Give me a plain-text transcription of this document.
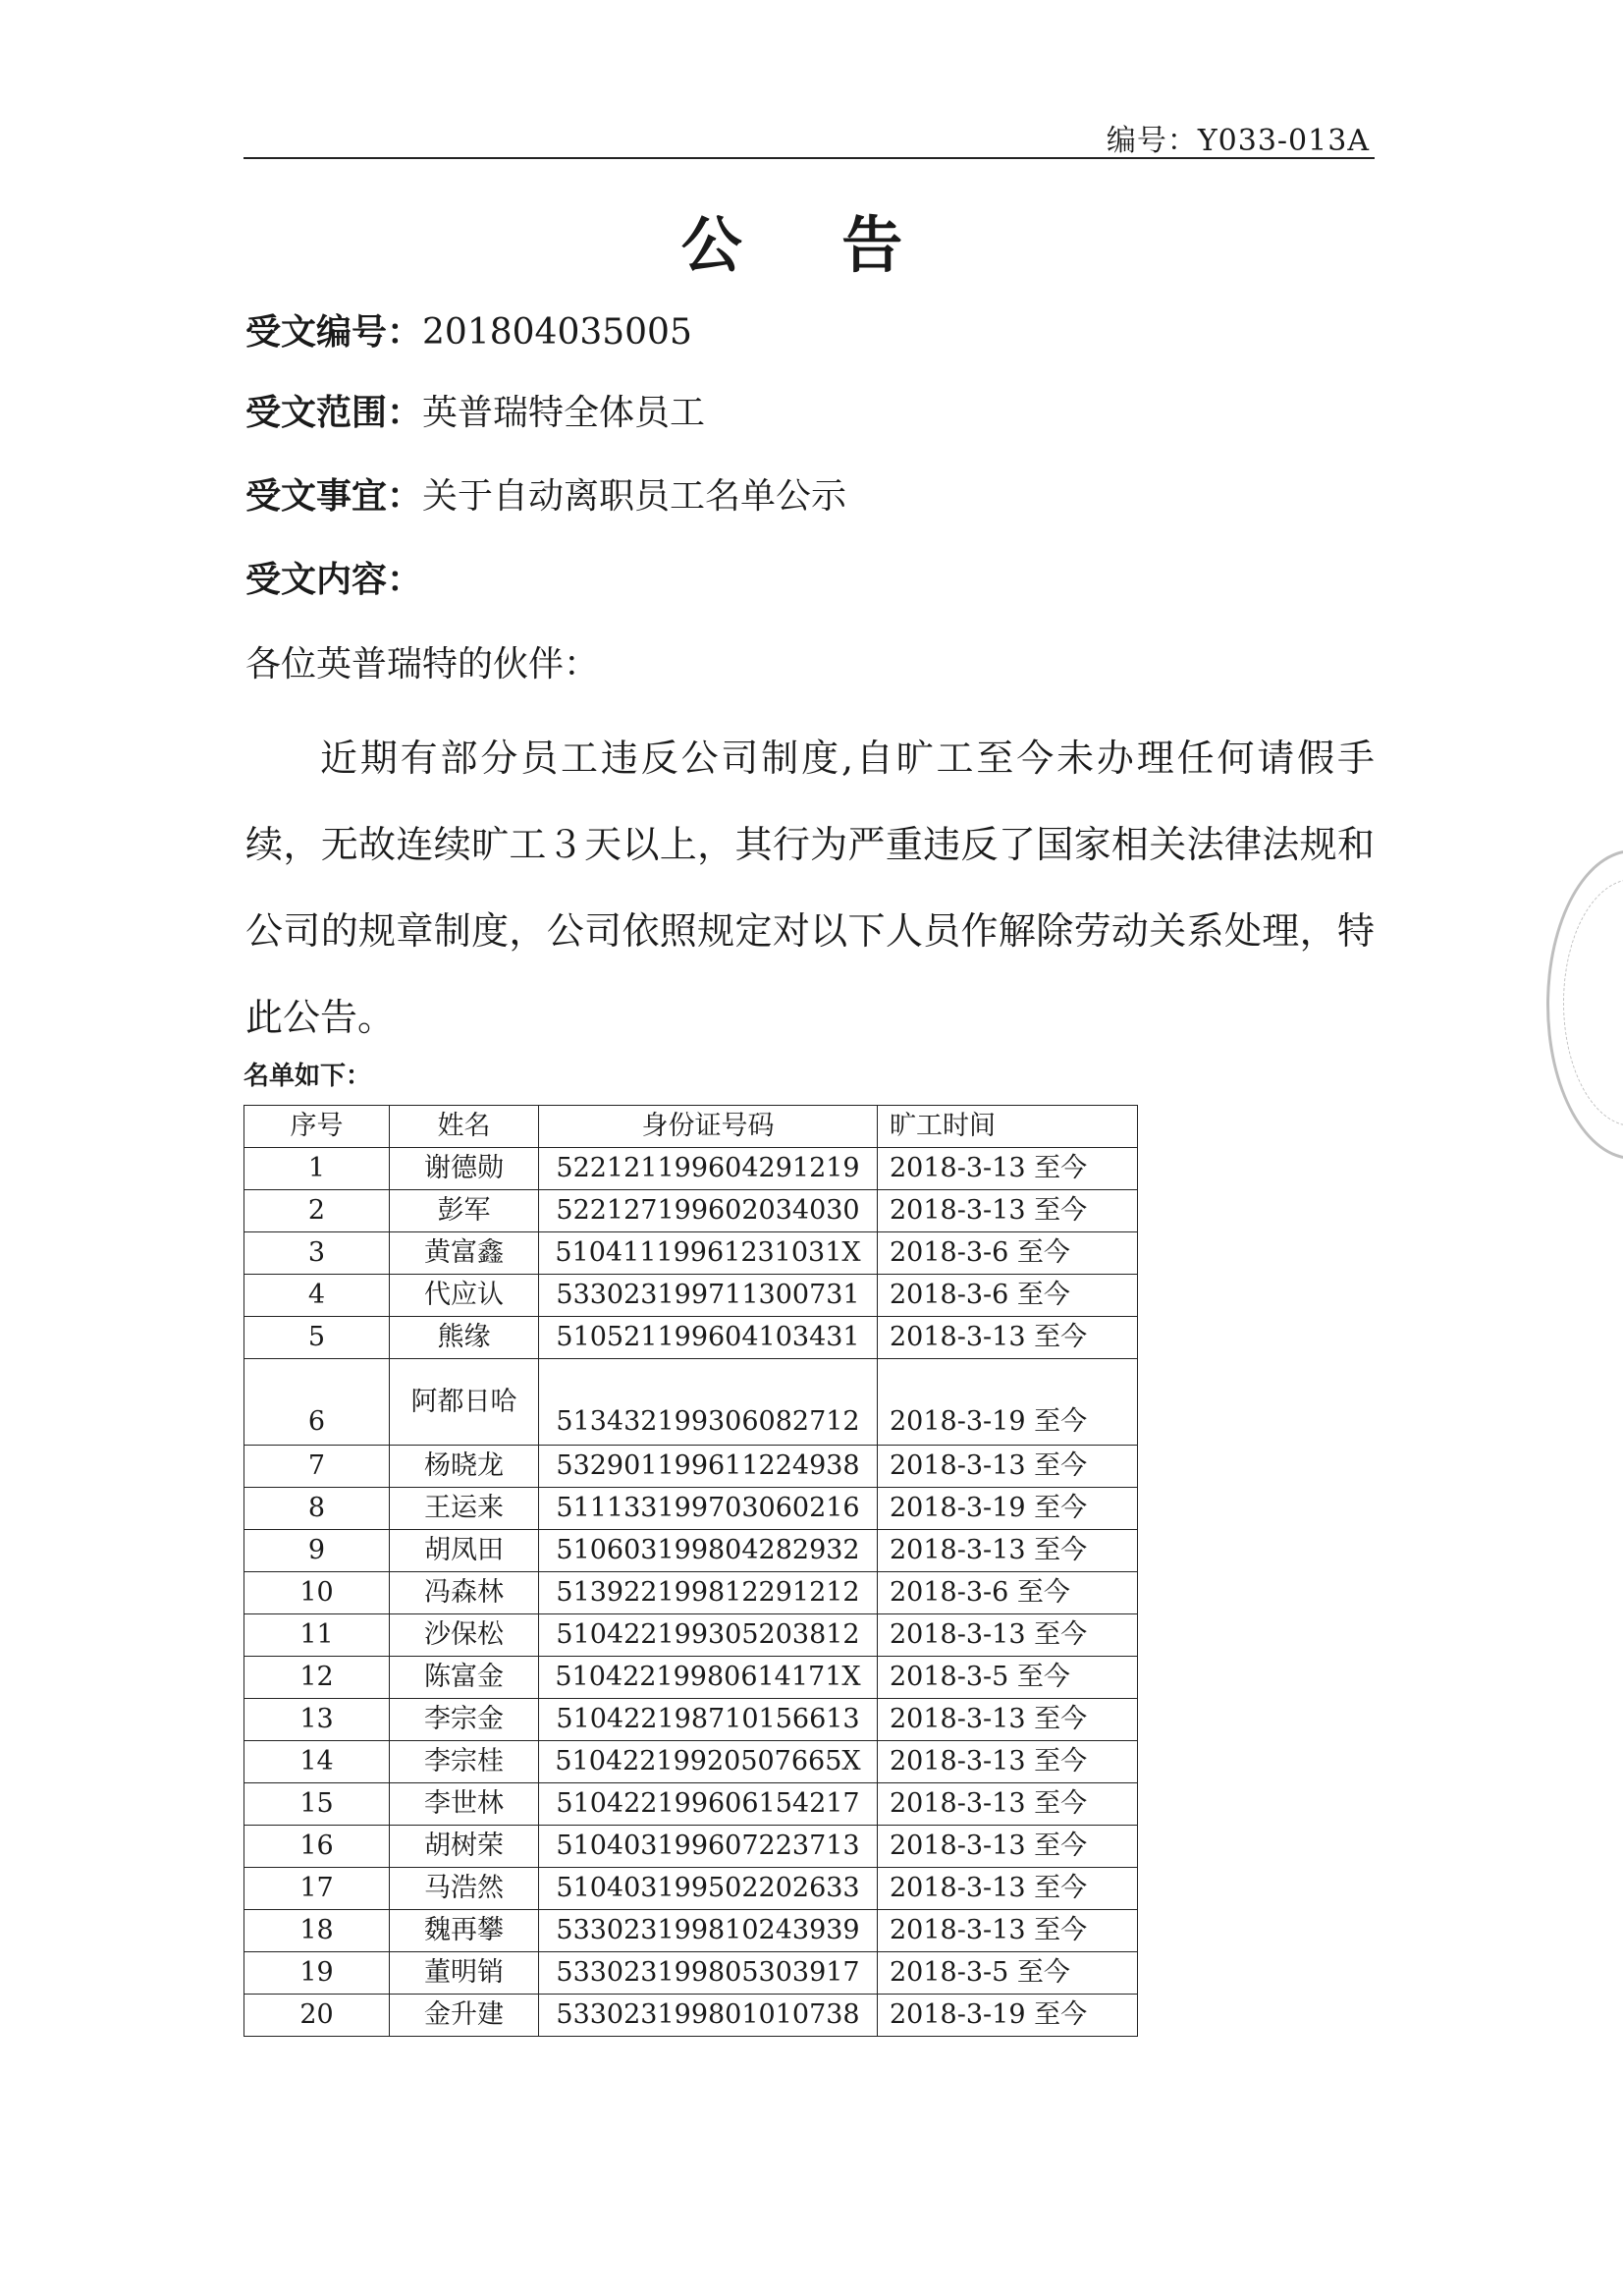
编号：Y033-013A
公 告
受文编号：201804035005
受文范围：英普瑞特全体员工
受文事宜：关于自动离职员工名单公示
受文内容：
各位英普瑞特的伙伴：
近期有部分员工违反公司制度,自旷工至今未办理任何请假手续，无故连续旷工３天以上，其行为严重违反了国家相关法律法规和公司的规章制度，公司依照规定对以下人员作解除劳动关系处理，特此公告。
名单如下：
序号	姓名	身份证号码	旷工时间
1	谢德勋	522121199604291219	2018-3-13 至今
2	彭军	522127199602034030	2018-3-13 至今
3	黄富鑫	51041119961231031X	2018-3-6 至今
4	代应认	533023199711300731	2018-3-6 至今
5	熊缘	510521199604103431	2018-3-13 至今
6	阿都日哈	513432199306082712	2018-3-19 至今
7	杨晓龙	532901199611224938	2018-3-13 至今
8	王运来	511133199703060216	2018-3-19 至今
9	胡凤田	510603199804282932	2018-3-13 至今
10	冯森林	513922199812291212	2018-3-6 至今
11	沙保松	510422199305203812	2018-3-13 至今
12	陈富金	51042219980614171X	2018-3-5 至今
13	李宗金	510422198710156613	2018-3-13 至今
14	李宗桂	51042219920507665X	2018-3-13 至今
15	李世林	510422199606154217	2018-3-13 至今
16	胡树荣	510403199607223713	2018-3-13 至今
17	马浩然	510403199502202633	2018-3-13 至今
18	魏再攀	533023199810243939	2018-3-13 至今
19	董明销	533023199805303917	2018-3-5 至今
20	金升建	533023199801010738	2018-3-19 至今
